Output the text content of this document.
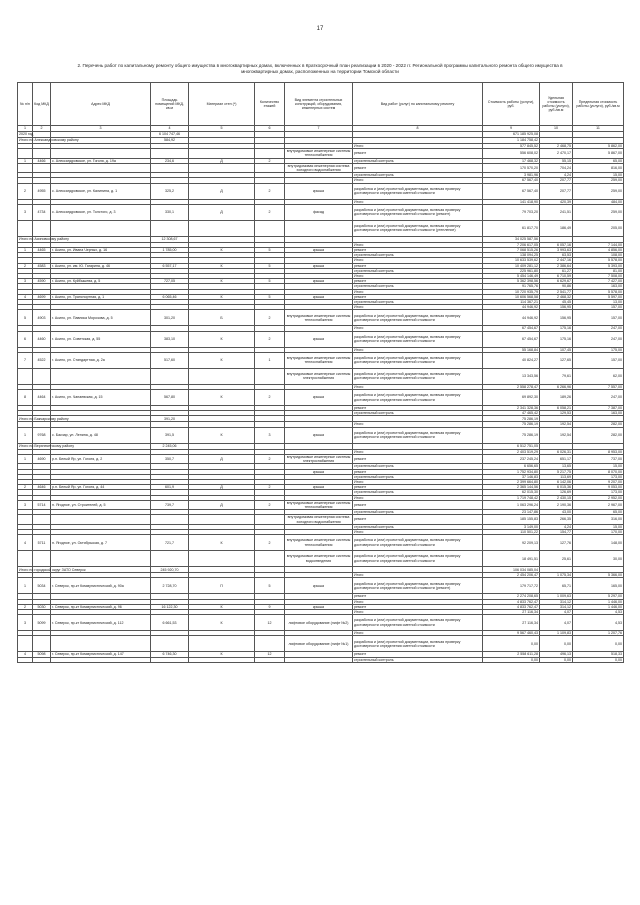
17
2. Перечень работ по капитальному ремонту общего имущества в многоквартирных домах, включенных в Краткосрочный план реализации в 2020 - 2022 гг. Региональной программы капитального ремонта общего имущества в многоквартирных домах, расположенных на территории Томской области
№ п/п	Код МКД	Адрес МКД	Площадь помещений МКД, кв.м	Материал стен (*)	Количество этажей	Вид элемента строительных конструкций, оборудования, инженерных систем	Вид работ (услуг) по капитальному ремонту	Стоимость работы (услуги), руб.	Удельная стоимость работы (услуги), руб./кв.м	Предельная стоимость работы (услуги), руб./кв.м
1	2	3	4	5	6	7	8	9	10	11
2020 год			6 104 747,46					671 185 925,08		
Итого по Александровскому району			584,92					1 184 758,42		
							Итого	577 845,52	2 468,75	5 862,00
						внутридомовые инженерные системы теплоснабжения	ремонт	556 608,02	2 470,17	5 867,00
1	4466	с. Александровское, ул. Гоголя, д. 19а	234,6	Д	2		строительный контроль	17 468,32	55,15	65,00
						внутридомовая инженерная система холодного водоснабжения	ремонт	170 570,20	704,24	816,00
							строительный контроль	3 981,96	4,24	15,00
							Итого	67 567,40	207,77	259,00
2	4955	с. Александровское, ул. Калинина, д. 1	325,2	Д	2	крыша	разработка и (или) проектной документации, включая проверку достоверности определения сметной стоимости	67 567,40	207,77	259,00
							Итого	141 418,90	420,39	484,00
3	4734	с. Александровское, ул. Толстого, д. 3	330,1	Д	2	фасад	разработка и (или) проектной документации, включая проверку достоверности определения сметной стоимости (ремонт)	79 703,20	241,51	259,00
							разработка и (или) проектной документации, включая проверку достоверности определения сметной стоимости (утепление)	61 817,70	186,49	205,00
Итого по Асиновскому району			12 308,67					34 025 587,56		
							Итого	7 206 617,05	6 057,16	7 144,00
1	4465	г. Асино, ул. Ивана Черных, д. 16	1 785,00	К	5	крыша	ремонт	7 068 515,26	3 993,63	4 856,00
							строительный контроль	138 094,25	63,53	108,00
							Итого	10 633 539,62	2 447,16	5 578,00
2	4583	г. Асино, ул. им. Ю. Гагарина, д. 46	6 557,17	К	5	крыша	ремонт	10 409 281,12	2 386,64	5 393,00
							строительный контроль	225 961,80	61,27	81,00
							Итого	5 454 146,49	6 710,59	7 508,00
3	4590	г. Асино, ул. Куйбышева, д. 5	727,05	К	5	крыша	ремонт	5 362 398,56	6 629,67	7 427,00
							строительный контроль	91 765,76	90,86	163,00
							Итого	10 720 935,79	2 541,77	5 578,00
4	4699	г. Асино, ул. Транспортная, д. 1	6 065,46	К	5	крыша	ремонт	10 606 568,58	2 468,32	5 597,00
							строительный контроль	114 367,21	45,45	13,00
							Итого	44 946,92	156,95	157,00
5	4903	г. Асино, ул. Павлика Морозова, д. 5	301,20	Б	2	внутридомовые инженерные системы теплоснабжения	разработка и (или) проектной документации, включая проверку достоверности определения сметной стоимости	44 946,92	156,95	157,00
							Итого	67 454,67	175,16	247,00
6	4460	г. Асино, ул. Советская, д. 55	383,10	К	2	крыша	разработка и (или) проектной документации, включая проверку достоверности определения сметной стоимости	67 454,67	175,16	247,00
							Итого	55 168,84	107,45	175,00
7	4522	г. Асино, ул. Стандартная, д. 2а	517,60	К	1	внутридомовые инженерные системы теплоснабжения	разработка и (или) проектной документации, включая проверку достоверности определения сметной стоимости	40 824,27	127,65	157,00
						внутридомовые инженерные системы электроснабжения	разработка и (или) проектной документации, включая проверку достоверности определения сметной стоимости	13 343,56	79,61	62,00
							Итого	2 558 278,47	6 266,96	7 557,00
8	4464	г. Асино, ул. Чапаевская, д. 15	567,80	К	2	крыша	разработка и (или) проектной документации, включая проверку достоверности определения сметной стоимости	69 892,30	189,26	247,00
							ремонт	2 341 328,36	6 058,21	7 387,00
							строительный контроль	47 465,42	129,53	163,00
Итого по Бакчарскому району			391,20					75 286,19		
							Итого	75 286,19	192,54	282,00
1	9768	с. Бакчар, ул. Ленина, д. 48	391,5	К	3	крыша	разработка и (или) проектной документации, включая проверку достоверности определения сметной стоимости	75 286,19	192,54	282,00
Итого по Верхнекетскому району			2 245,06					6 512 751,05		
							Итого	2 403 519,29	6 026,31	8 953,00
1	4690	р.п. Белый Яр, ул. Гоголя, д. 2	350,7	Д	2	внутридомовые инженерные системы электроснабжения	ремонт	237 245,24	651,17	737,00
							строительный контроль	6 656,65	13,65	15,00
						крыша	ремонт	1 752 934,80	5 217,75	8 070,00
							строительный контроль	37 146,83	113,69	173,00
							Итого	2 399 664,80	6 142,06	9 207,00
2	4646	р.п. Белый Яр, ул. Гоголя, д. 44	601,9	Д	2	крыша	ремонт	2 365 144,56	6 015,36	9 053,00
							строительный контроль	62 015,30	126,69	173,00
							Итого	1 719 748,42	2 430,15	2 952,00
3	5714	п. Ягодное, ул. Строителей, д. 5	739,7	Д	2	внутридомовые инженерные системы теплоснабжения	ремонт	1 063 296,24	2 190,36	2 967,00
							строительный контроль	23 147,86	43,00	65,00
						внутридомовая инженерная система холодного водоснабжения	ремонт	185 155,83	266,35	316,00
							строительный контроль	3 149,00	4,24	15,00
							Итого	110 501,22	154,77	170,00
4	5711	п. Ягодное, ул. Октябрьская, д. 7	721,7	К	2	внутридомовые инженерные системы теплоснабжения	разработка и (или) проектной документации, включая проверку достоверности определения сметной стоимости	92 209,13	127,76	148,00
						внутридомовые инженерные системы водоотведения	разработка и (или) проектной документации, включая проверку достоверности определения сметной стоимости	18 491,51	25,61	30,00
Итого по городской округ ЗАТО Северск			245 920,70					106 034 085,04		
							Итого	2 454 206,47	1 075,34	5 366,00
1	5034	г. Северск, пр-кт Коммунистический, д. 90а	2 728,70	П	5	крыша	разработка и (или) проектной документации, включая проверку достоверности определения сметной стоимости (ремонт)	179 717,72	65,71	165,00
							ремонт	2 274 208,65	1 009,63	5 297,00
							Итого	4 833 762,47	314,12	1 446,00
2	5030	г. Северск, пр-кт Коммунистический, д. 96	16 122,30	К	9	крыша	ремонт	4 833 762,47	314,12	1 446,00
							Итого	27 116,34	4,07	4,53
3	5099	г. Северск, пр-кт Коммунистический, д. 112	6 661,53	К	12	лифтовое оборудование (лифт №2)	разработка и (или) проектной документации, включая проверку достоверности определения сметной стоимости	27 116,34	4,07	4,53
							Итого	9 567 460,43	1 109,83	1 207,76
						лифтовое оборудование (лифт №1)	разработка и (или) проектной документации, включая проверку достоверности определения сметной стоимости	0,00	0,00	0,00
4	5098	г. Северск, пр-кт Коммунистический, д. 147	6 746,30	К	12		ремонт	2 558 611,28	496,13	518,33
							строительный контроль	0,00	0,00	0,00
